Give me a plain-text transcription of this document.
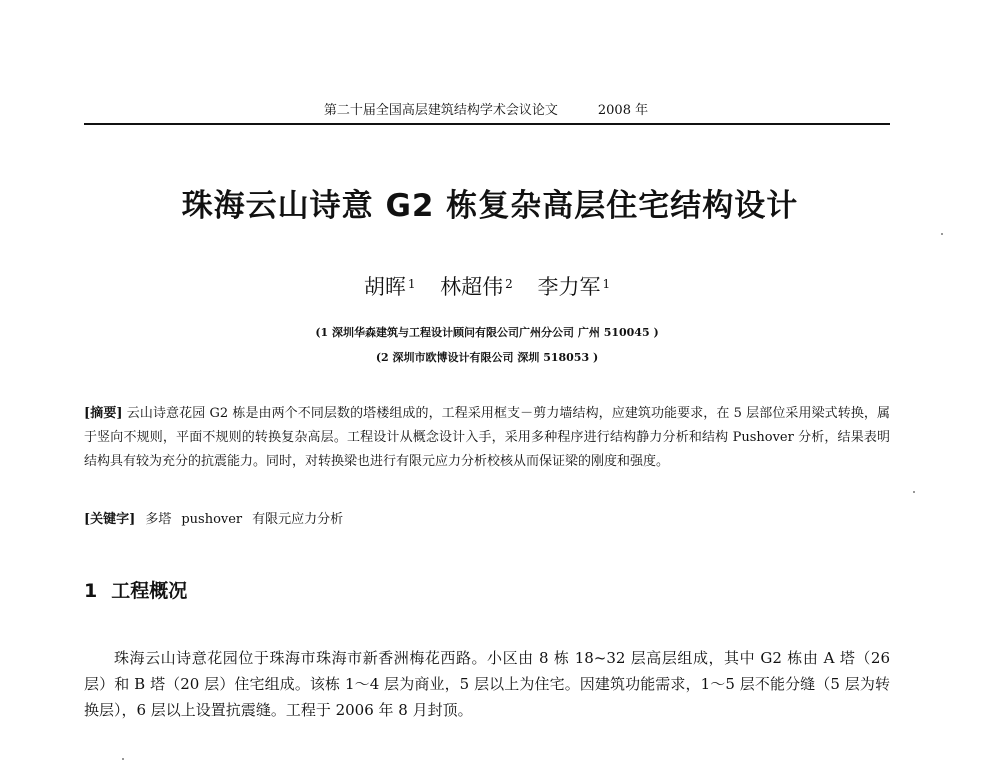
第二十届全国高层建筑结构学术会议论文	2008 年
珠海云山诗意 G2 栋复杂高层住宅结构设计
胡晖 $^1$ 林超伟 $^2$ 李力军 $^1$
(1 深圳华森建筑与工程设计顾问有限公司广州分公司 广州 510045 )
(2 深圳市欧博设计有限公司 深圳 518053 )
[摘要] 云山诗意花园 G2 栋是由两个不同层数的塔楼组成的，工程采用框支－剪力墙结构，应建筑功能要求，在 5 层部位采用梁式转换，属于竖向不规则，平面不规则的转换复杂高层。工程设计从概念设计入手，采用多种程序进行结构静力分析和结构 Pushover 分析，结果表明结构具有较为充分的抗震能力。同时，对转换梁也进行有限元应力分析校核从而保证梁的刚度和强度。
[关键字] 多塔 pushover 有限元应力分析
1 工程概况
珠海云山诗意花园位于珠海市珠海市新香洲梅花西路。小区由 8 栋 18~32 层高层组成，其中 G2 栋由 A 塔（26 层）和 B 塔（20 层）住宅组成。该栋 1～4 层为商业，5 层以上为住宅。因建筑功能需求，1～5 层不能分缝（5 层为转换层），6 层以上设置抗震缝。工程于 2006 年 8 月封顶。
